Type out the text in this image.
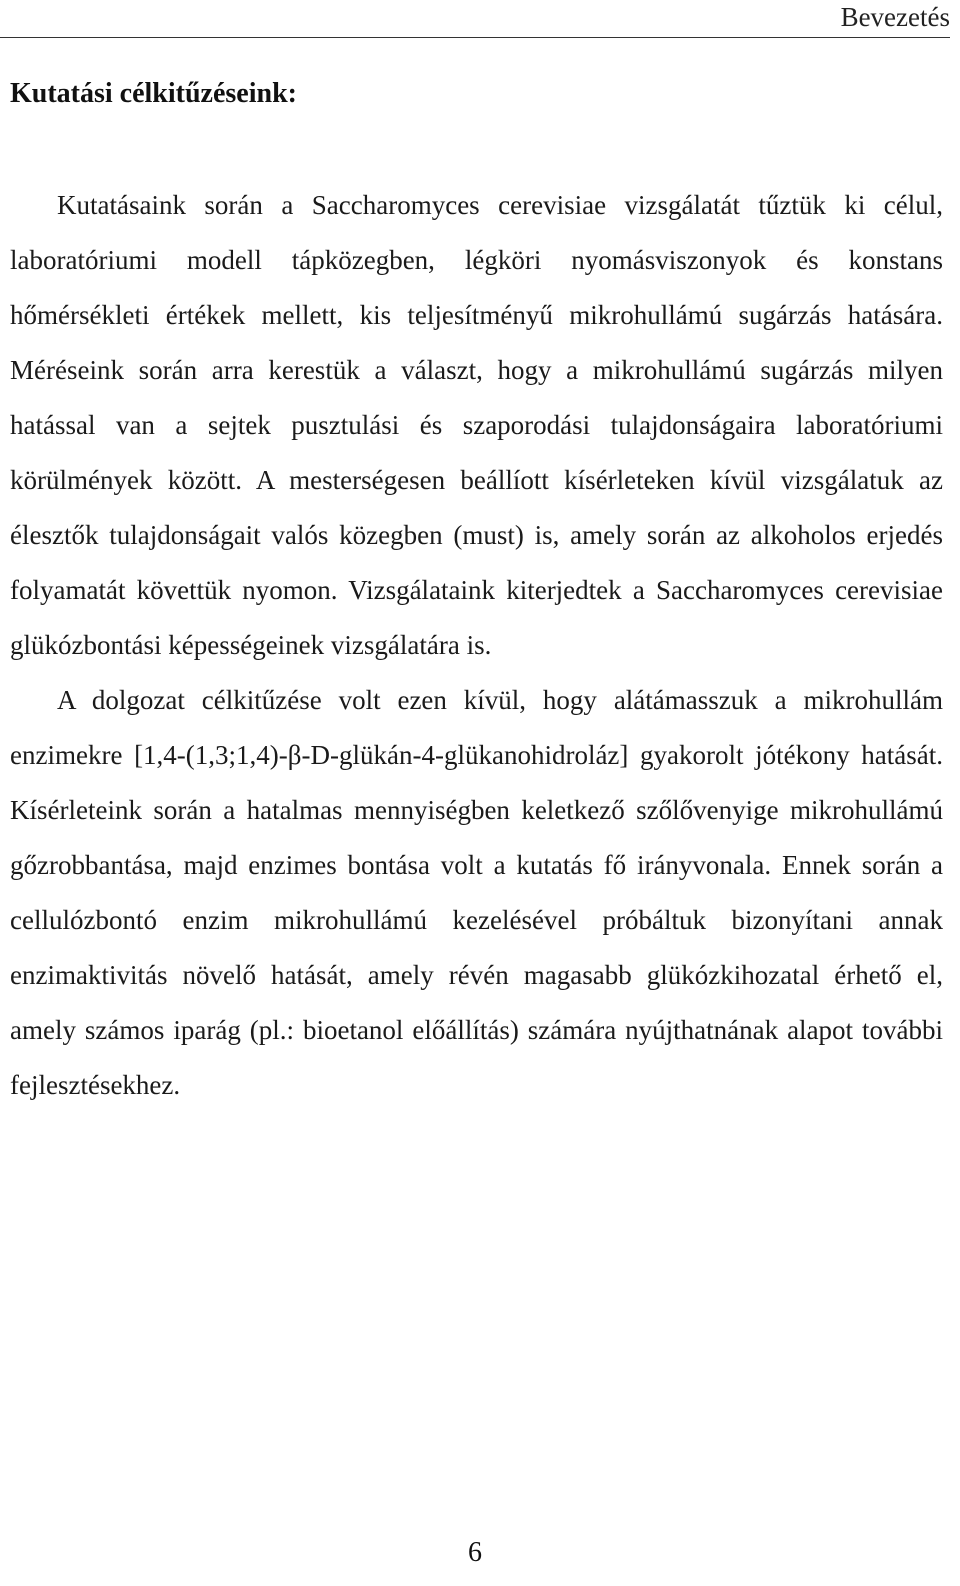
Bevezetés
Kutatási célkitűzéseink:

Kutatásaink során a Saccharomyces cerevisiae vizsgálatát tűztük ki célul, laboratóriumi modell tápközegben, légköri nyomásviszonyok és konstans hőmérsékleti értékek mellett, kis teljesítményű mikrohullámú sugárzás hatására. Méréseink során arra kerestük a választ, hogy a mikrohullámú sugárzás milyen hatással van a sejtek pusztulási és szaporodási tulajdonságaira laboratóriumi körülmények között. A mesterségesen beállíott kísérleteken kívül vizsgálatuk az élesztők tulajdonságait valós közegben (must) is, amely során az alkoholos erjedés folyamatát követtük nyomon. Vizsgálataink kiterjedtek a Saccharomyces cerevisiae glükózbontási képességeinek vizsgálatára is.

A dolgozat célkitűzése volt ezen kívül, hogy alátámasszuk a mikrohullám enzimekre [1,4-(1,3;1,4)-β-D-glükán-4-glükanohidroláz] gyakorolt jótékony hatását. Kísérleteink során a hatalmas mennyiségben keletkező szőlővenyige mikrohullámú gőzrobbantása, majd enzimes bontása volt a kutatás fő irányvonala. Ennek során a cellulózbontó enzim mikrohullámú kezelésével próbáltuk bizonyítani annak enzimaktivitás növelő hatását, amely révén magasabb glükózkihozatal érhető el, amely számos iparág (pl.: bioetanol előállítás) számára nyújthatnának alapot további fejlesztésekhez.

6
